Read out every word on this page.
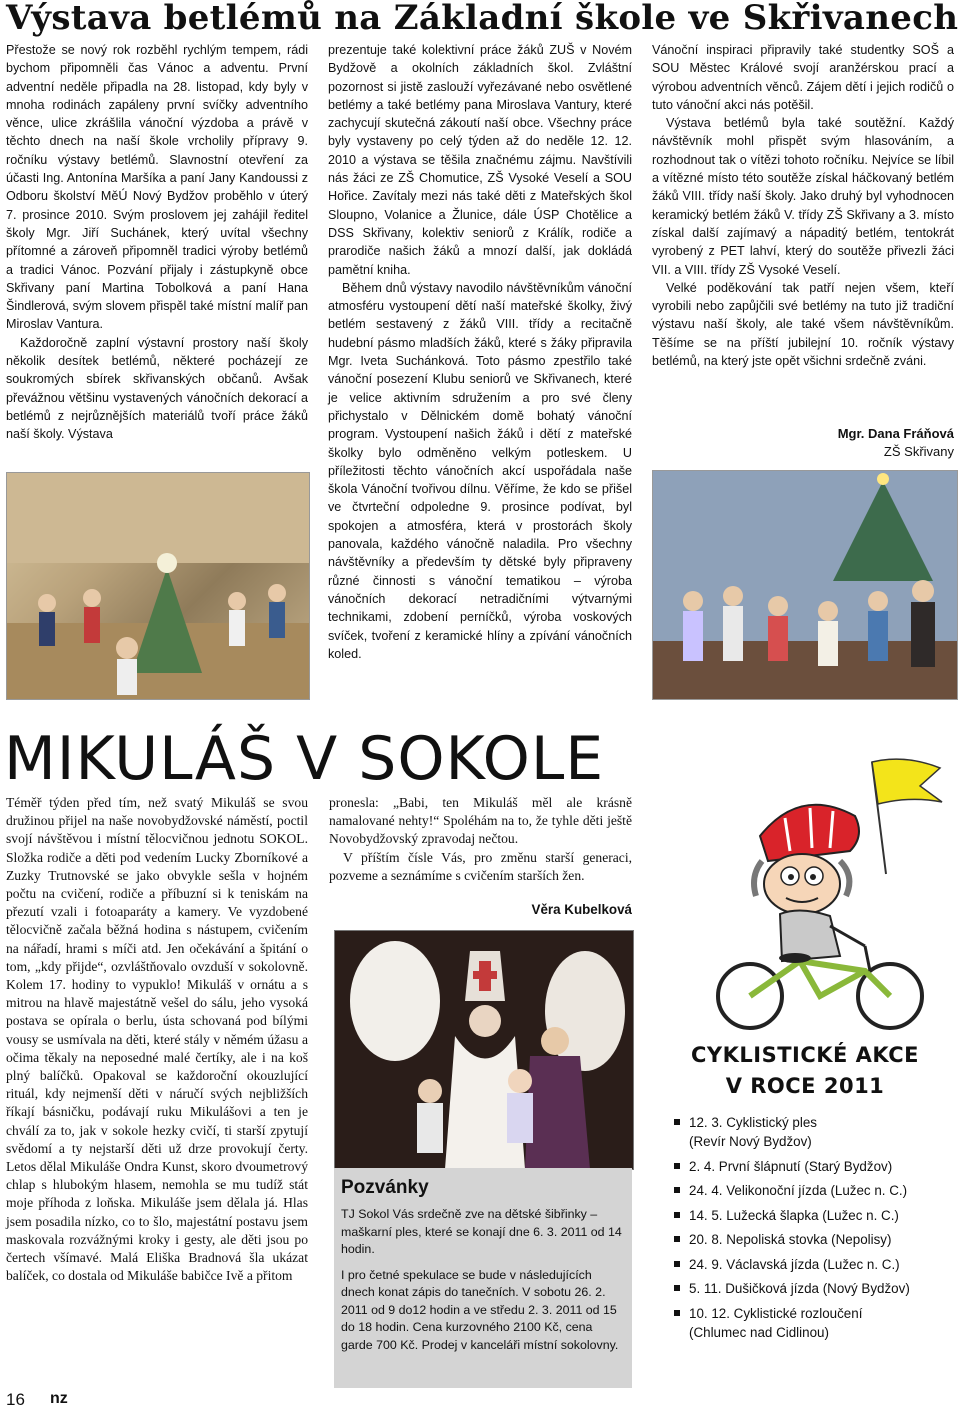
Výstava betlémů na Základní škole ve Skřivanech

Přestože se nový rok rozběhl rychlým tempem, rádi bychom připomněli čas Vánoc a adventu. První adventní neděle připadla na 28. listopad, kdy byly v mnoha rodinách zapáleny první svíčky adventního věnce, ulice zkrášlila vánoční výzdoba a právě v těchto dnech na naší škole vrcholily přípravy 9. ročníku výstavy betlémů. Slavnostní otevření za účasti Ing. Antonína Maršíka a paní Jany Kandoussi z Odboru školství MěÚ Nový Bydžov proběhlo v úterý 7. prosince 2010. Svým proslovem jej zahájil ředitel školy Mgr. Jiří Suchánek, který uvítal všechny přítomné a zároveň připomněl tradici výroby betlémů a tradici Vánoc. Pozvání přijaly i zástupkyně obce Skřivany paní Martina Tobolková a paní Hana Šindlerová, svým slovem přispěl také místní malíř pan Miroslav Vantura.

Každoročně zaplní výstavní prostory naší školy několik desítek betlémů, některé pocházejí ze soukromých sbírek skřivanských občanů. Avšak převážnou většinu vystavených vánočních dekorací a betlémů z nejrůznějších materiálů tvoří práce žáků naší školy. Výstava

prezentuje také kolektivní práce žáků ZUŠ v Novém Bydžově a okolních základních škol. Zvláštní pozornost si jistě zaslouží vyřezávané nebo osvětlené betlémy a také betlémy pana Miroslava Vantury, které zachycují skutečná zákoutí naší obce. Všechny práce byly vystaveny po celý týden až do neděle 12. 12. 2010 a výstava se těšila značnému zájmu. Navštívili nás žáci ze ZŠ Chomutice, ZŠ Vysoké Veselí a SOU Hořice. Zavítaly mezi nás také děti z Mateřských škol Sloupno, Volanice a Žlunice, dále ÚSP Chotělice a DSS Skřivany, kolektiv seniorů z Králík, rodiče a prarodiče našich žáků a mnozí další, jak dokládá pamětní kniha.

Během dnů výstavy navodilo návštěvníkům vánoční atmosféru vystoupení dětí naší mateřské školky, živý betlém sestavený z žáků VIII. třídy a recitačně hudební pásmo mladších žáků, které s žáky připravila Mgr. Iveta Suchánková. Toto pásmo zpestřilo také vánoční posezení Klubu seniorů ve Skřivanech, které je velice aktivním sdružením a pro své členy přichystalo v Dělnickém domě bohatý vánoční program. Vystoupení našich žáků i dětí z mateřské školky bylo odměněno velkým potleskem. U příležitosti těchto vánočních akcí uspořádala naše škola Vánoční tvořivou dílnu. Věříme, že kdo se přišel ve čtvrteční odpoledne 9. prosince podívat, byl spokojen a atmosféra, která v prostorách školy panovala, každého vánočně naladila. Pro všechny návštěvníky a především ty dětské byly připraveny různé činnosti s vánoční tematikou – výroba vánočních dekorací netradičními výtvarnými technikami, zdobení perníčků, výroba voskových svíček, tvoření z keramické hlíny a zpívání vánočních koled.

Vánoční inspiraci připravily také studentky SOŠ a SOU Městec Králové svojí aranžérskou prací a výrobou adventních věnců. Zájem dětí i jejich rodičů o tuto vánoční akci nás potěšil.

Výstava betlémů byla také soutěžní. Každý návštěvník mohl přispět svým hlasováním, a rozhodnout tak o vítězi tohoto ročníku. Nejvíce se líbil a vítězné místo této soutěže získal háčkovaný betlém žáků VIII. třídy naší školy. Jako druhý byl vyhodnocen keramický betlém žáků V. třídy ZŠ Skřivany a 3. místo získal další zajímavý a nápaditý betlém, tentokrát vyrobený z PET lahví, který do soutěže přivezli žáci VII. a VIII. třídy ZŠ Vysoké Veselí.

Velké poděkování tak patří nejen všem, kteří vyrobili nebo zapůjčili své betlémy na tuto již tradiční výstavu naší školy, ale také všem návštěvníkům. Těšíme se na příští jubilejní 10. ročník výstavy betlémů, na který jste opět všichni srdečně zváni.

Mgr. Dana Fráňová
ZŠ Skřivany
MIKULÁŠ V SOKOLE

Téměř týden před tím, než svatý Mikuláš se svou družinou přijel na naše novobydžovské náměstí, poctil svojí návštěvou i místní tělocvičnou jednotu SOKOL. Složka rodiče a děti pod vedením Lucky Zborníkové a Zuzky Trutnovské se jako obvykle sešla v hojném počtu na cvičení, rodiče a příbuzní si k teniskám na přezutí vzali i fotoaparáty a kamery. Ve vyzdobené tělocvičně začala běžná hodina s nástupem, cvičením na nářadí, hrami s míči atd. Jen očekávání a špitání o tom, „kdy přijde“, ozvláštňovalo ovzduší v sokolovně. Kolem 17. hodiny to vypuklo! Mikuláš v ornátu a s mitrou na hlavě majestátně vešel do sálu, jeho vysoká postava se opírala o berlu, ústa schovaná pod bílými vousy se usmívala na děti, které stály v němém úžasu a očima těkaly na neposedné malé čertíky, ale i na koš plný balíčků. Opakoval se každoroční okouzlující rituál, kdy nejmenší děti v náručí svých nejbližších říkají básničku, podávají ruku Mikulášovi a ten je chválí za to, jak v sokole hezky cvičí, ti starší zpytují svědomí a ty nejstarší děti už drze provokují čerty. Letos dělal Mikuláše Ondra Kunst, skoro dvoumetrový chlap s hlubokým hlasem, nemohla se mu tudíž stát moje příhoda z loňska. Mikuláše jsem dělala já. Hlas jsem posadila nízko, co to šlo, majestátní postavu jsem maskovala rozvážnými kroky i gesty, ale děti jsou po čertech všímavé. Malá Eliška Bradnová šla ukázat balíček, co dostala od Mikuláše babičce Ivě a přitom

pronesla: „Babi, ten Mikuláš měl ale krásně namalované nehty!“ Spoléhám na to, že tyhle děti ještě Novobydžovský zpravodaj nečtou.

V příštím čísle Vás, pro změnu starší generaci, pozveme a seznámíme s cvičením starších žen.

Věra Kubelková
Pozvánky

TJ Sokol Vás srdečně zve na dětské šibřinky – maškarní ples, které se konají dne 6. 3. 2011 od 14 hodin.

I pro četné spekulace se bude v následujících dnech konat zápis do tanečních. V sobotu 26. 2. 2011 od 9 do12 hodin a ve středu 2. 3. 2011 od 15 do 18 hodin. Cena kurzovného 2100 Kč, cena garde 700 Kč. Prodej v kanceláři místní sokolovny.

CYKLISTICKÉ AKCE
V ROCE 2011
12. 3. Cyklistický ples
(Revír Nový Bydžov)
2. 4. První šlápnutí (Starý Bydžov)
24. 4. Velikonoční jízda (Lužec n. C.)
14. 5. Lužecká šlapka (Lužec n. C.)
20. 8. Nepoliská stovka (Nepolisy)
24. 9. Václavská jízda (Lužec n. C.)
5. 11. Dušičková jízda (Nový Bydžov)
10. 12. Cyklistické rozloučení
(Chlumec nad Cidlinou)
16 nz
